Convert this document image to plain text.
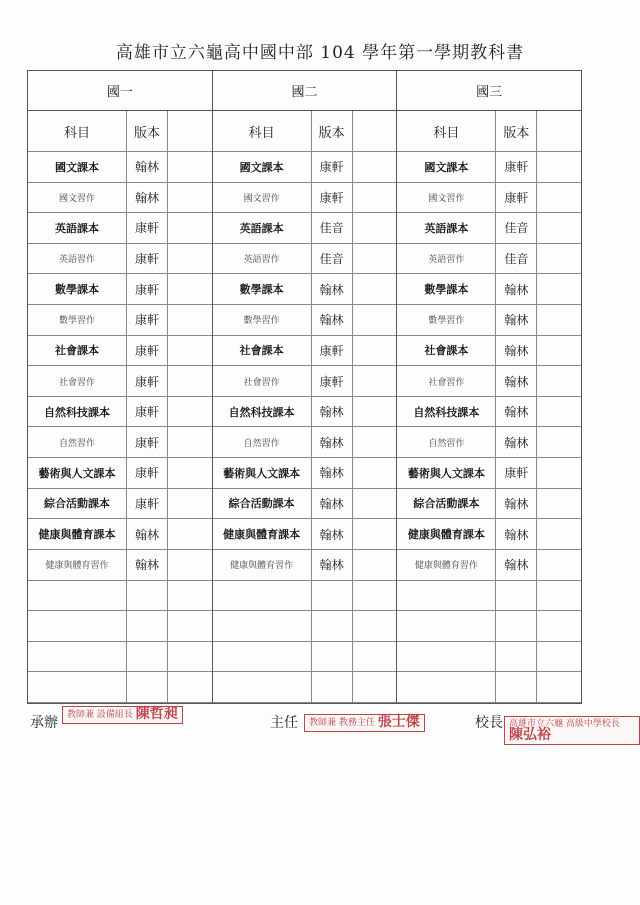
高雄市立六龜高中國中部 104 學年第一學期教科書
國一
科目	版本
國文課本	翰林
國文習作	翰林
英語課本	康軒
英語習作	康軒
數學課本	康軒
數學習作	康軒
社會課本	康軒
社會習作	康軒
自然科技課本	康軒
自然習作	康軒
藝術與人文課本	康軒
綜合活動課本	康軒
健康與體育課本	翰林
健康與體育習作	翰林
國二
科目	版本
國文課本	康軒
國文習作	康軒
英語課本	佳音
英語習作	佳音
數學課本	翰林
數學習作	翰林
社會課本	康軒
社會習作	康軒
自然科技課本	翰林
自然習作	翰林
藝術與人文課本	翰林
綜合活動課本	翰林
健康與體育課本	翰林
健康與體育習作	翰林
國三
科目	版本
國文課本	康軒
國文習作	康軒
英語課本	佳音
英語習作	佳音
數學課本	翰林
數學習作	翰林
社會課本	翰林
社會習作	翰林
自然科技課本	翰林
自然習作	翰林
藝術與人文課本	康軒
綜合活動課本	翰林
健康與體育課本	翰林
健康與體育習作	翰林
承辦	教師兼 設備組長 陳哲昶
主任	教師兼 教務主任 張士傑	校長 高雄市立六龜 高級中學校長 陳弘裕
